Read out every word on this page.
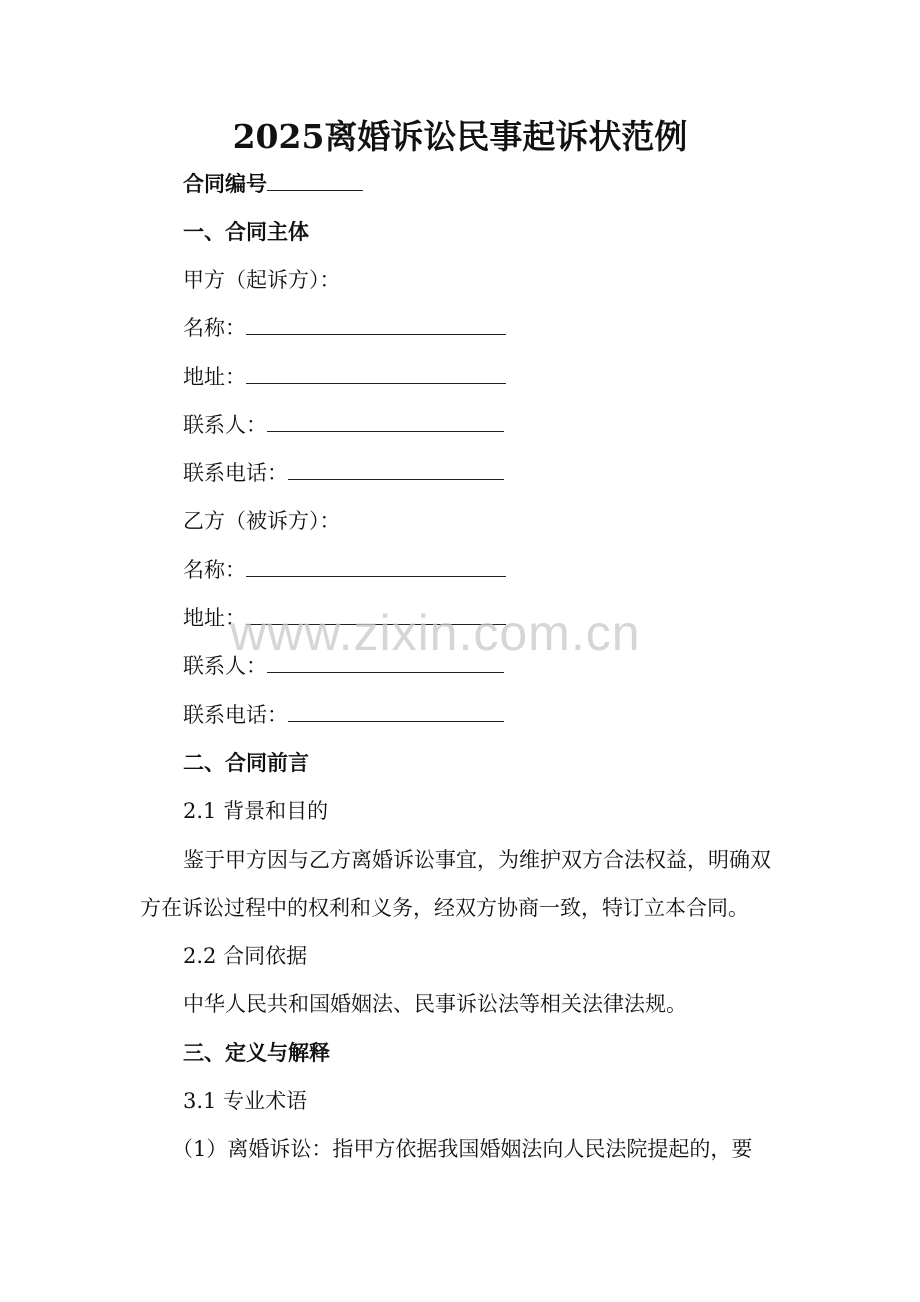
2025离婚诉讼民事起诉状范例
合同编号
一、合同主体
甲方（起诉方）：
名称：
地址：
联系人：
联系电话：
乙方（被诉方）：
名称：
地址：
联系人：
联系电话：
二、合同前言
2.1 背景和目的
鉴于甲方因与乙方离婚诉讼事宜，为维护双方合法权益，明确双
方在诉讼过程中的权利和义务，经双方协商一致，特订立本合同。
2.2 合同依据
中华人民共和国婚姻法、民事诉讼法等相关法律法规。
三、定义与解释
3.1 专业术语
（1）离婚诉讼：指甲方依据我国婚姻法向人民法院提起的，要
www.zixin.com.cn
